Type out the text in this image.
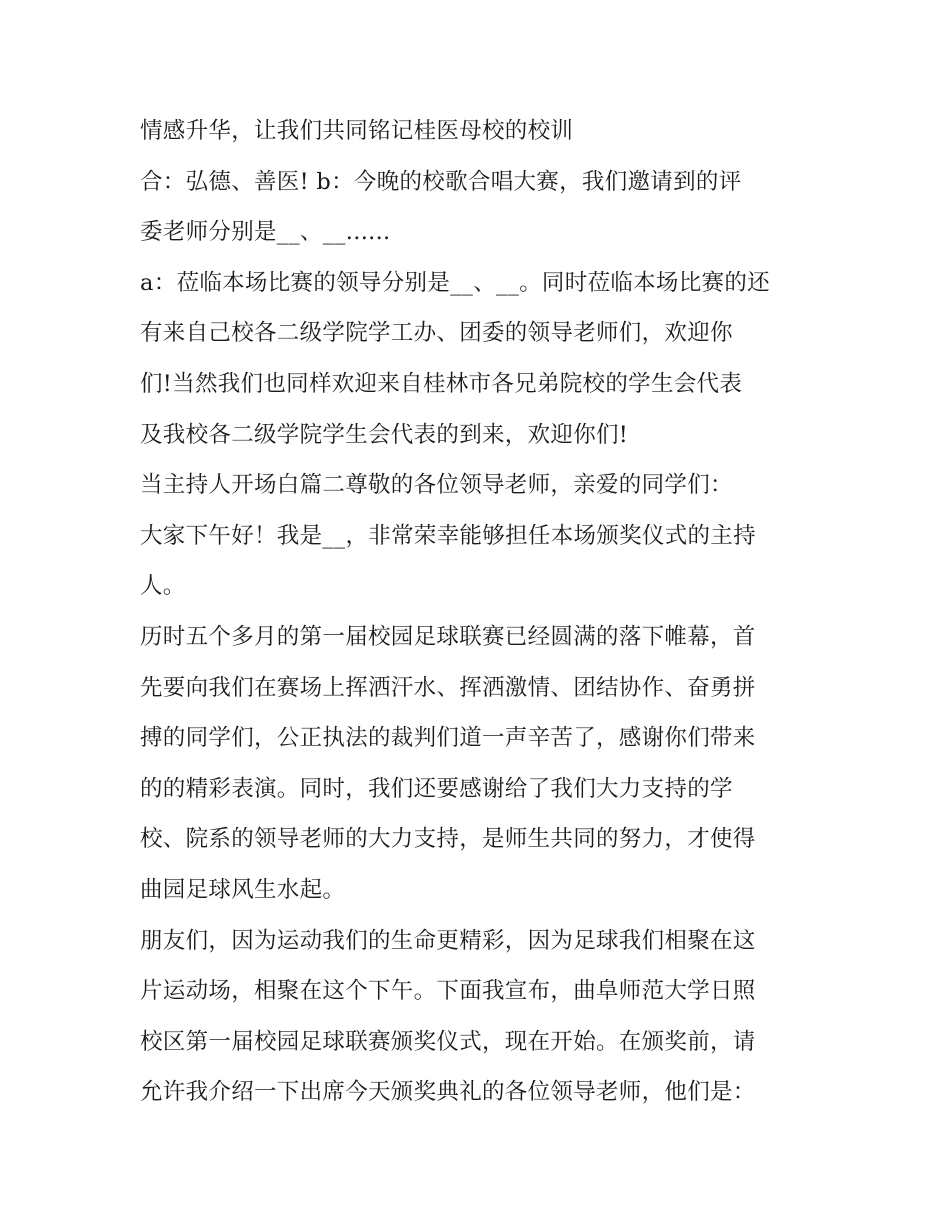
情感升华，让我们共同铭记桂医母校的校训
合：弘德、善医! b：今晚的校歌合唱大赛，我们邀请到的评
委老师分别是__、__......
a：莅临本场比赛的领导分别是__、__。同时莅临本场比赛的还
有来自己校各二级学院学工办、团委的领导老师们，欢迎你
们!当然我们也同样欢迎来自桂林市各兄弟院校的学生会代表
及我校各二级学院学生会代表的到来，欢迎你们!
当主持人开场白篇二尊敬的各位领导老师，亲爱的同学们：
大家下午好！我是__，非常荣幸能够担任本场颁奖仪式的主持
人。
历时五个多月的第一届校园足球联赛已经圆满的落下帷幕，首
先要向我们在赛场上挥洒汗水、挥洒激情、团结协作、奋勇拼
搏的同学们，公正执法的裁判们道一声辛苦了，感谢你们带来
的的精彩表演。同时，我们还要感谢给了我们大力支持的学
校、院系的领导老师的大力支持，是师生共同的努力，才使得
曲园足球风生水起。
朋友们，因为运动我们的生命更精彩，因为足球我们相聚在这
片运动场，相聚在这个下午。下面我宣布，曲阜师范大学日照
校区第一届校园足球联赛颁奖仪式，现在开始。在颁奖前，请
允许我介绍一下出席今天颁奖典礼的各位领导老师，他们是：
